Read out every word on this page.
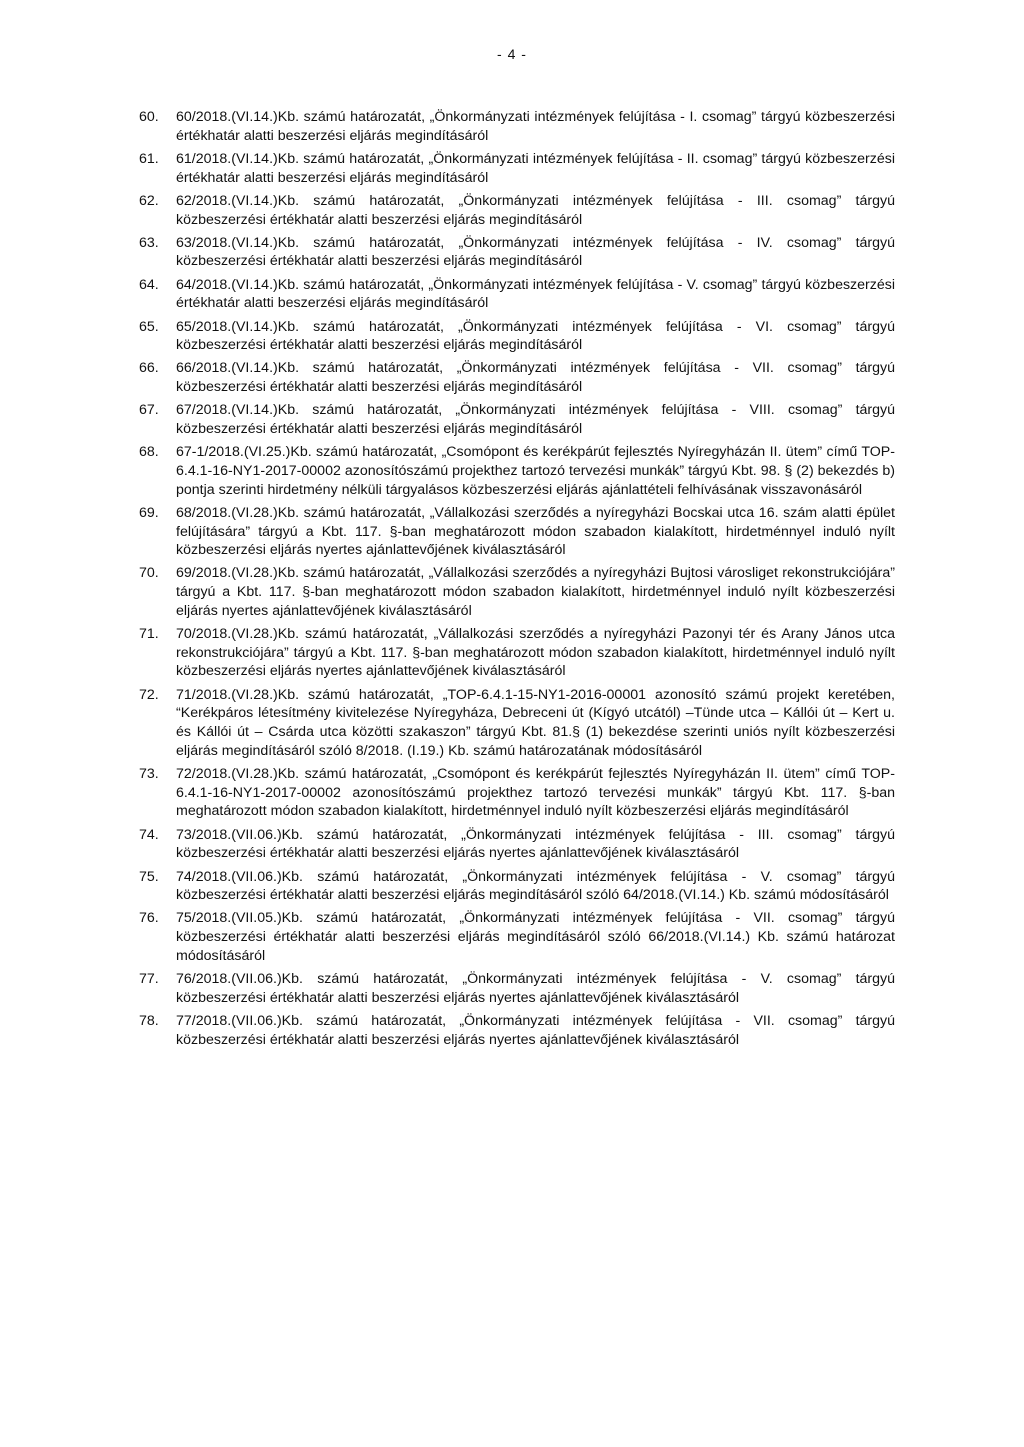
- 4 -
60.	60/2018.(VI.14.)Kb. számú határozatát, „Önkormányzati intézmények felújítása - I. csomag” tárgyú közbeszerzési értékhatár alatti beszerzési eljárás megindításáról
61.	61/2018.(VI.14.)Kb. számú határozatát, „Önkormányzati intézmények felújítása - II. csomag” tárgyú közbeszerzési értékhatár alatti beszerzési eljárás megindításáról
62.	62/2018.(VI.14.)Kb. számú határozatát, „Önkormányzati intézmények felújítása - III. csomag” tárgyú közbeszerzési értékhatár alatti beszerzési eljárás megindításáról
63.	63/2018.(VI.14.)Kb. számú határozatát, „Önkormányzati intézmények felújítása - IV. csomag” tárgyú közbeszerzési értékhatár alatti beszerzési eljárás megindításáról
64.	64/2018.(VI.14.)Kb. számú határozatát, „Önkormányzati intézmények felújítása - V. csomag” tárgyú közbeszerzési értékhatár alatti beszerzési eljárás megindításáról
65.	65/2018.(VI.14.)Kb. számú határozatát, „Önkormányzati intézmények felújítása - VI. csomag” tárgyú közbeszerzési értékhatár alatti beszerzési eljárás megindításáról
66.	66/2018.(VI.14.)Kb. számú határozatát, „Önkormányzati intézmények felújítása - VII. csomag” tárgyú közbeszerzési értékhatár alatti beszerzési eljárás megindításáról
67.	67/2018.(VI.14.)Kb. számú határozatát, „Önkormányzati intézmények felújítása - VIII. csomag” tárgyú közbeszerzési értékhatár alatti beszerzési eljárás megindításáról
68.	67-1/2018.(VI.25.)Kb. számú határozatát, „Csomópont és kerékpárút fejlesztés Nyíregyházán II. ütem” című TOP-6.4.1-16-NY1-2017-00002 azonosítószámú projekthez tartozó tervezési munkák” tárgyú Kbt. 98. § (2) bekezdés b) pontja szerinti hirdetmény nélküli tárgyalásos közbeszerzési eljárás ajánlattételi felhívásának visszavonásáról
69.	68/2018.(VI.28.)Kb. számú határozatát, „Vállalkozási szerződés a nyíregyházi Bocskai utca 16. szám alatti épület felújítására” tárgyú a Kbt. 117. §-ban meghatározott módon szabadon kialakított, hirdetménnyel induló nyílt közbeszerzési eljárás nyertes ajánlattevőjének kiválasztásáról
70.	69/2018.(VI.28.)Kb. számú határozatát, „Vállalkozási szerződés a nyíregyházi Bujtosi városliget rekonstrukciójára” tárgyú a Kbt. 117. §-ban meghatározott módon szabadon kialakított, hirdetménnyel induló nyílt közbeszerzési eljárás nyertes ajánlattevőjének kiválasztásáról
71.	70/2018.(VI.28.)Kb. számú határozatát, „Vállalkozási szerződés a nyíregyházi Pazonyi tér és Arany János utca rekonstrukciójára” tárgyú a Kbt. 117. §-ban meghatározott módon szabadon kialakított, hirdetménnyel induló nyílt közbeszerzési eljárás nyertes ajánlattevőjének kiválasztásáról
72.	71/2018.(VI.28.)Kb. számú határozatát, „TOP-6.4.1-15-NY1-2016-00001 azonosító számú projekt keretében, “Kerékpáros létesítmény kivitelezése Nyíregyháza, Debreceni út (Kígyó utcától) –Tünde utca – Kállói út – Kert u. és Kállói út – Csárda utca közötti szakaszon” tárgyú Kbt. 81.§ (1) bekezdése szerinti uniós nyílt közbeszerzési eljárás megindításáról szóló 8/2018. (I.19.) Kb. számú határozatának módosításáról
73.	72/2018.(VI.28.)Kb. számú határozatát, „Csomópont és kerékpárút fejlesztés Nyíregyházán II. ütem” című TOP-6.4.1-16-NY1-2017-00002 azonosítószámú projekthez tartozó tervezési munkák” tárgyú Kbt. 117. §-ban meghatározott módon szabadon kialakított, hirdetménnyel induló nyílt közbeszerzési eljárás megindításáról
74.	73/2018.(VII.06.)Kb. számú határozatát, „Önkormányzati intézmények felújítása - III. csomag” tárgyú közbeszerzési értékhatár alatti beszerzési eljárás nyertes ajánlattevőjének kiválasztásáról
75.	74/2018.(VII.06.)Kb. számú határozatát, „Önkormányzati intézmények felújítása - V. csomag” tárgyú közbeszerzési értékhatár alatti beszerzési eljárás megindításáról szóló 64/2018.(VI.14.) Kb. számú módosításáról
76.	75/2018.(VII.05.)Kb. számú határozatát, „Önkormányzati intézmények felújítása - VII. csomag” tárgyú közbeszerzési értékhatár alatti beszerzési eljárás megindításáról szóló 66/2018.(VI.14.) Kb. számú határozat módosításáról
77.	76/2018.(VII.06.)Kb. számú határozatát, „Önkormányzati intézmények felújítása - V. csomag” tárgyú közbeszerzési értékhatár alatti beszerzési eljárás nyertes ajánlattevőjének kiválasztásáról
78.	77/2018.(VII.06.)Kb. számú határozatát, „Önkormányzati intézmények felújítása - VII. csomag” tárgyú közbeszerzési értékhatár alatti beszerzési eljárás nyertes ajánlattevőjének kiválasztásáról
